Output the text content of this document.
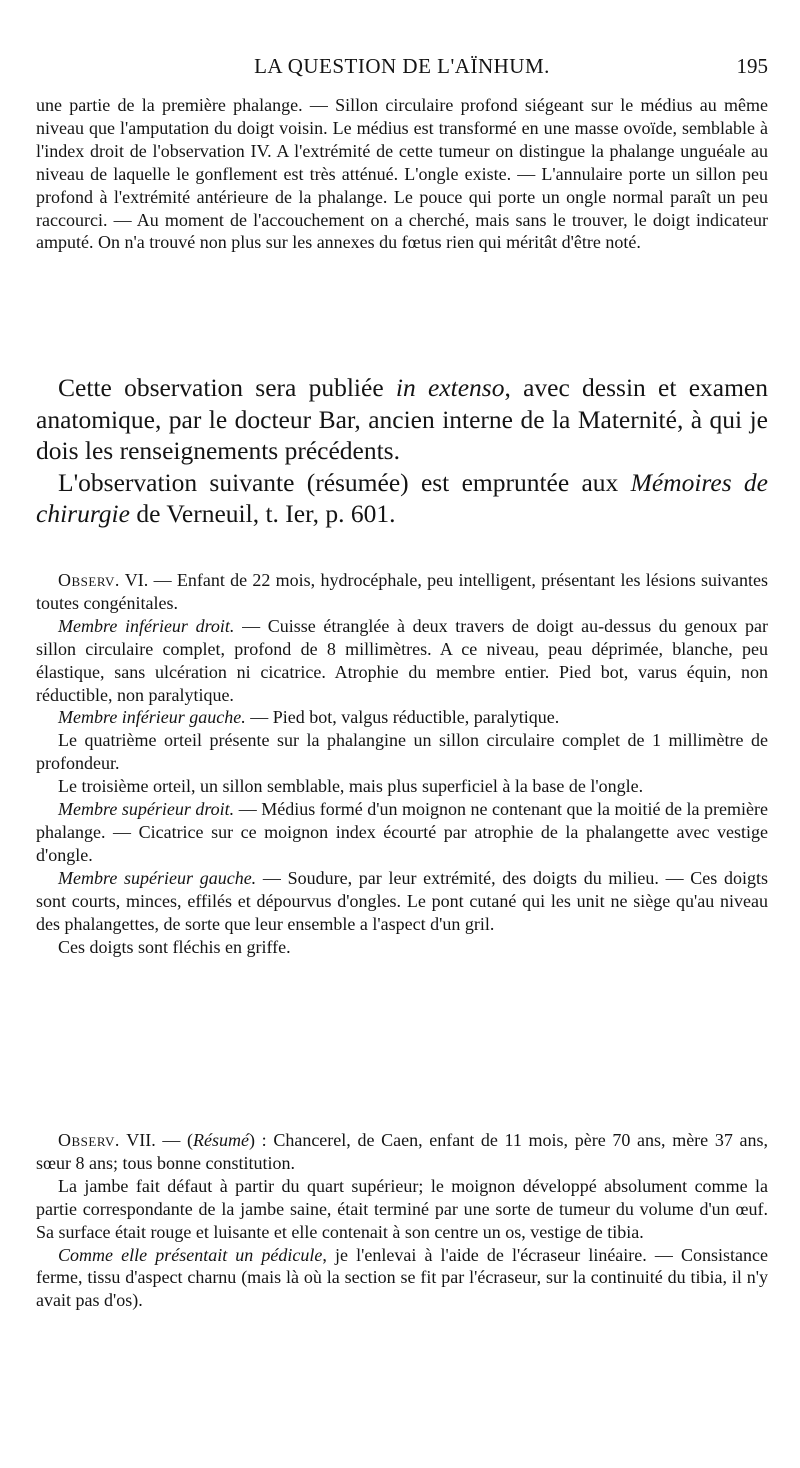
LA QUESTION DE L'AÏNHUM.	195

une partie de la première phalange. — Sillon circulaire profond siégeant sur le médius au même niveau que l'amputation du doigt voisin. Le médius est transformé en une masse ovoïde, semblable à l'index droit de l'observation IV. A l'extrémité de cette tumeur on distingue la phalange unguéale au niveau de laquelle le gonflement est très atténué. L'ongle existe. — L'annulaire porte un sillon peu profond à l'extrémité antérieure de la phalange. Le pouce qui porte un ongle normal paraît un peu raccourci. — Au moment de l'accouchement on a cherché, mais sans le trouver, le doigt indicateur amputé. On n'a trouvé non plus sur les annexes du fœtus rien qui méritât d'être noté.

Cette observation sera publiée in extenso, avec dessin et examen anatomique, par le docteur Bar, ancien interne de la Maternité, à qui je dois les renseignements précédents.

L'observation suivante (résumée) est empruntée aux Mémoires de chirurgie de Verneuil, t. Ier, p. 601.

Observ. VI. — Enfant de 22 mois, hydrocéphale, peu intelligent, présentant les lésions suivantes toutes congénitales.

Membre inférieur droit. — Cuisse étranglée à deux travers de doigt au-dessus du genoux par sillon circulaire complet, profond de 8 millimètres. A ce niveau, peau déprimée, blanche, peu élastique, sans ulcération ni cicatrice. Atrophie du membre entier. Pied bot, varus équin, non réductible, non paralytique.

Membre inférieur gauche. — Pied bot, valgus réductible, paralytique.

Le quatrième orteil présente sur la phalangine un sillon circulaire complet de 1 millimètre de profondeur.

Le troisième orteil, un sillon semblable, mais plus superficiel à la base de l'ongle.

Membre supérieur droit. — Médius formé d'un moignon ne contenant que la moitié de la première phalange. — Cicatrice sur ce moignon index écourté par atrophie de la phalangette avec vestige d'ongle.

Membre supérieur gauche. — Soudure, par leur extrémité, des doigts du milieu. — Ces doigts sont courts, minces, effilés et dépourvus d'ongles. Le pont cutané qui les unit ne siège qu'au niveau des phalangettes, de sorte que leur ensemble a l'aspect d'un gril.

Ces doigts sont fléchis en griffe.

Observ. VII. — (Résumé) : Chancerel, de Caen, enfant de 11 mois, père 70 ans, mère 37 ans, sœur 8 ans; tous bonne constitution.

La jambe fait défaut à partir du quart supérieur; le moignon développé absolument comme la partie correspondante de la jambe saine, était terminé par une sorte de tumeur du volume d'un œuf. Sa surface était rouge et luisante et elle contenait à son centre un os, vestige de tibia.

Comme elle présentait un pédicule, je l'enlevai à l'aide de l'écraseur linéaire. — Consistance ferme, tissu d'aspect charnu (mais là où la section se fit par l'écraseur, sur la continuité du tibia, il n'y avait pas d'os).
